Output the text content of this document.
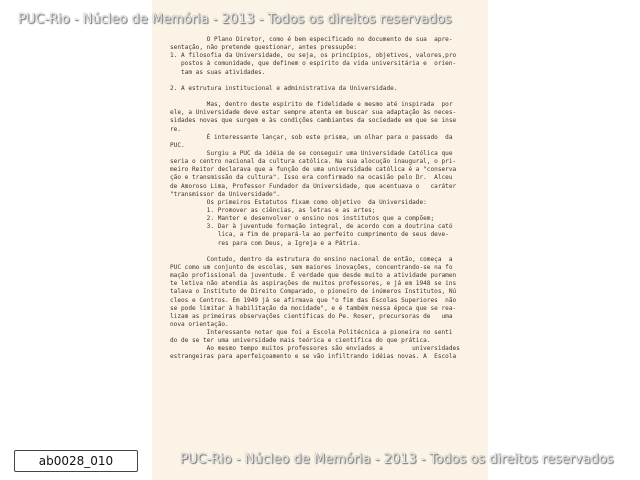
O Plano Diretor, como é bem especificado no documento de sua  apre-
sentação, não pretende questionar, antes pressupõe:
1. A filosofia da Universidade, ou seja, os princípios, objetivos, valores,pro
postos à comunidade, que definem o espírito da vida universitária e  orien-
tam as suas atividades.
2. A estrutura institucional e administrativa da Universidade.
Mas, dentro deste espírito de fidelidade e mesmo até inspirada  por
ele, a Universidade deve estar sempre atenta em buscar sua adaptação às neces-
sidades novas que surgem e às condições cambiantes da sociedade em que se inse
re.
É interessante lançar, sob este prisma, um olhar para o passado  da
PUC.
Surgiu a PUC da idéia de se conseguir uma Universidade Católica que
seria o centro nacional da cultura católica. Na sua alocução inaugural, o pri-
meiro Reitor declarava que a função de uma universidade católica é a "conserva
ção e transmissão da cultura". Isso era confirmado na ocasião pelo Dr.  Alceu
de Amoroso Lima, Professor Fundador da Universidade, que acentuava o   caráter
"transmissor da Universidade".
Os primeiros Estatutos fixam como objetivo  da Universidade:
1. Promover as ciências, as letras e as artes;
2. Manter e desenvolver o ensino nos institutos que a compõem;
3. Dar à juventude formação integral, de acordo com a doutrina cató
lica, a fim de prepará-la ao perfeito cumprimento de seus deve-
res para com Deus, a Igreja e a Pátria.
Contudo, dentro da estrutura do ensino nacional de então, começa  a
PUC como um conjunto de escolas, sem maiores inovações, concentrando-se na fo
mação profissional da juventude. É verdade que desde muito a atividade puramen
te letiva não atendia às aspirações de muitos professores, e já em 1948 se ins
talava o Instituto de Direito Comparado, o pioneiro de inúmeros Institutos, Nú
cleos e Centros. Em 1949 já se afirmava que "o fim das Escolas Superiores  não
se pode limitar à habilitação da mocidade", e é também nessa época que se rea-
lizam as primeiras observações científicas do Pe. Roser, precursoras de   uma
nova orientação.
Interessante notar que foi a Escola Politécnica a pioneira no senti
do de se ter uma universidade mais teórica e científica do que prática.
Ao mesmo tempo muitos professores são enviados a        universidades
estrangeiras para aperfeiçoamento e se vão infiltrando idéias novas. A  Escola
PUC-Rio - Núcleo de Memória - 2013 - Todos os direitos reservados
PUC-Rio - Núcleo de Memória - 2013 - Todos os direitos reservados
ab0028_010
